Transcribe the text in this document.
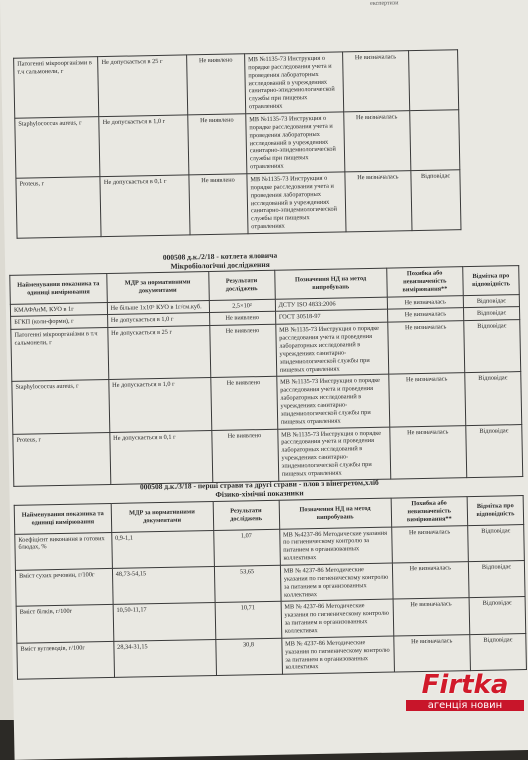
експертизи
Патогенні мікроорганізми в т.ч сальмонели, г	Не допускається в 25 г	Не виявлено	МВ №1135-73 Инструкция о порядке расследования учета и проведения лабораторных исследований в учреждениях санитарно-эпидемиологической службы при пищевых отравлениях	Не визначалась	
Staphylococcus aureus, г	Не допускається в 1,0 г	Не виявлено	МВ №1135-73 Инструкция о порядке расследования учета и проведения лабораторных исследований в учреждениях санитарно-эпидемиологической службы при пищевых отравлениях	Не визначалась	
Proteus, г	Не допускається в 0,1 г	Не виявлено	МВ №1135-73 Инструкция о порядке расследования учета и проведения лабораторных исследований в учреждениях санитарно-эпидемиологической службы при пищевых отравлениях	Не визначалась	Відповідає
000508 д.к./2/18 - котлета яловича
Мікробіологічні дослідження
Найменування показника та одиниці вимірювання	МДР за нормативними документами	Результати досліджень	Позначення НД на метод випробувань	Похибка або невизначеність вимірювання**	Відмітка про відповідність
КМАФАнМ, КУО в 1г	Не більше 1х10⁵ КУО в 1г/см.куб.	2,5×10²	ДСТУ ISO 4833:2006	Не визначалась	Відповідає
БГКП (коли-форми), г	Не допускається в 1,0 г	Не виявлено	ГОСТ 30518-97	Не визначалась	Відповідає
Патогенні мікроорганізми в т.ч сальмонели, г	Не допускається в 25 г	Не виявлено	МВ №1135-73 Инструкция о порядке расследования учета и проведения лабораторных исследований в учреждениях санитарно-эпидемиологической службы при пищевых отравлениях	Не визначалась	Відповідає
Staphylococcus aureus, г	Не допускається в 1,0 г	Не виявлено	МВ №1135-73 Инструкция о порядке расследования учета и проведения лабораторных исследований в учреждениях санитарно-эпидемиологической службы при пищевых отравлениях	Не визначалась	Відповідає
Proteus, г	Не допускається в 0,1 г	Не виявлено	МВ №1135-73 Инструкция о порядке расследования учета и проведения лабораторных исследований в учреждениях санитарно-эпидемиологической службы при пищевых отравлениях	Не визначалась	Відповідає
000508 д.к./3/18 - перші страви та другі страви - плов з вінегретом,хліб
Фізико-хімічні показники
Найменування показника та одиниці вимірювання	МДР за нормативними документами	Результати досліджень	Позначення НД на метод випробувань	Похибка або невизначеність вимірювання**	Відмітка про відповідність
Коефіцієнт виконання в готових блюдах, %	0,9-1,1	1,07	МВ №4237-86 Методические указания по гигиеническому контролю за питанием в организованных коллективах	Не визначалась	Відповідає
Вміст сухих речовин, г/100г	48,73-54,15	53,65	МВ № 4237-86 Методические указания по гигиеническому контролю за питанием в организованных коллективах	Не визначалась	Відповідає
Вміст білків, г/100г	10,50-11,17	10,71	МВ № 4237-86 Методические указания по гигиеническому контролю за питанием в организованных коллективах	Не визначалась	Відповідає
Вміст вуглеводів, г/100г	28,34-31,15	30,8	МВ № 4237-86 Методические указания по гигиеническому контролю за питанием в организованных коллективах	Не визначалась	Відповідає
Firtka
агенція новин
